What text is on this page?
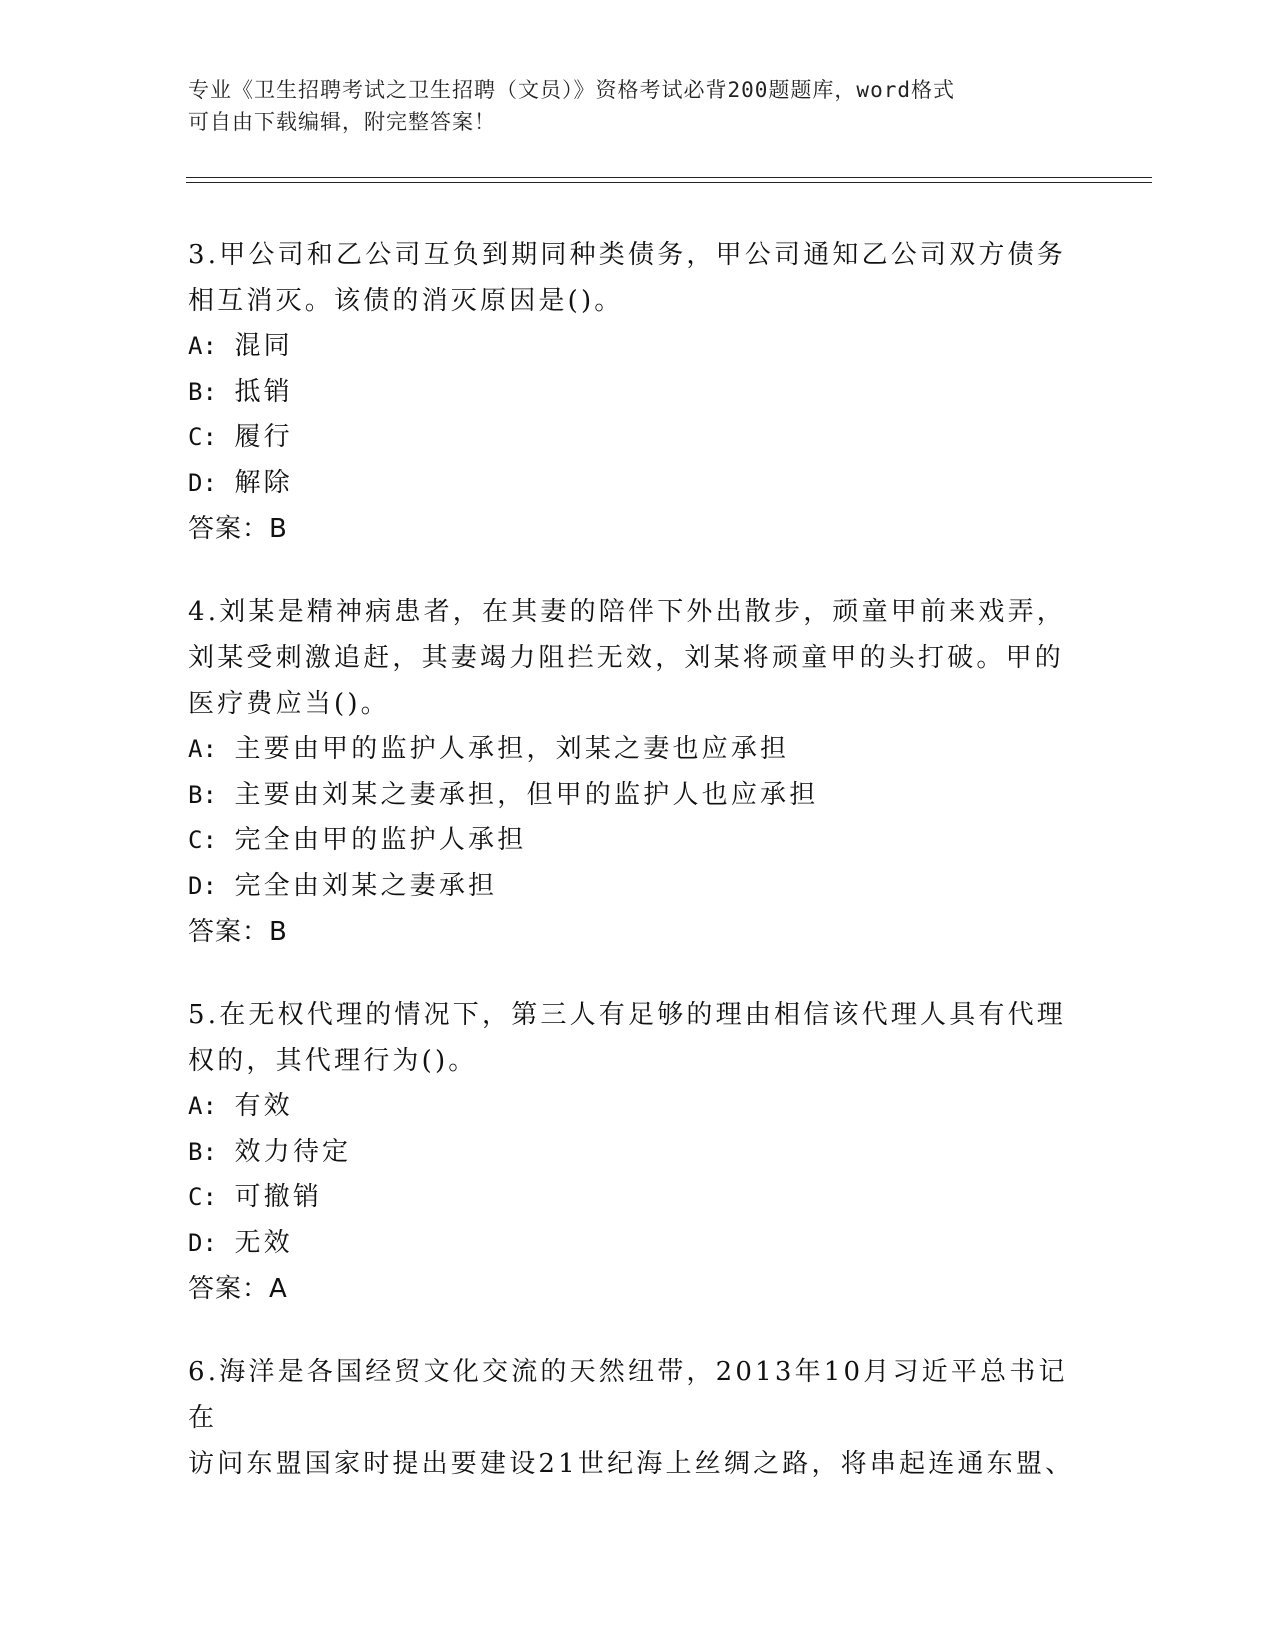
专业《卫生招聘考试之卫生招聘（文员）》资格考试必背200题题库，word格式
可自由下载编辑，附完整答案！
3.甲公司和乙公司互负到期同种类债务，甲公司通知乙公司双方债务
相互消灭。该债的消灭原因是()。
A: 混同
B: 抵销
C: 履行
D: 解除
答案：B
4.刘某是精神病患者，在其妻的陪伴下外出散步，顽童甲前来戏弄，
刘某受刺激追赶，其妻竭力阻拦无效，刘某将顽童甲的头打破。甲的
医疗费应当()。
A: 主要由甲的监护人承担，刘某之妻也应承担
B: 主要由刘某之妻承担，但甲的监护人也应承担
C: 完全由甲的监护人承担
D: 完全由刘某之妻承担
答案：B
5.在无权代理的情况下，第三人有足够的理由相信该代理人具有代理
权的，其代理行为()。
A: 有效
B: 效力待定
C: 可撤销
D: 无效
答案：A
6.海洋是各国经贸文化交流的天然纽带，2013年10月习近平总书记在
访问东盟国家时提出要建设21世纪海上丝绸之路，将串起连通东盟、
